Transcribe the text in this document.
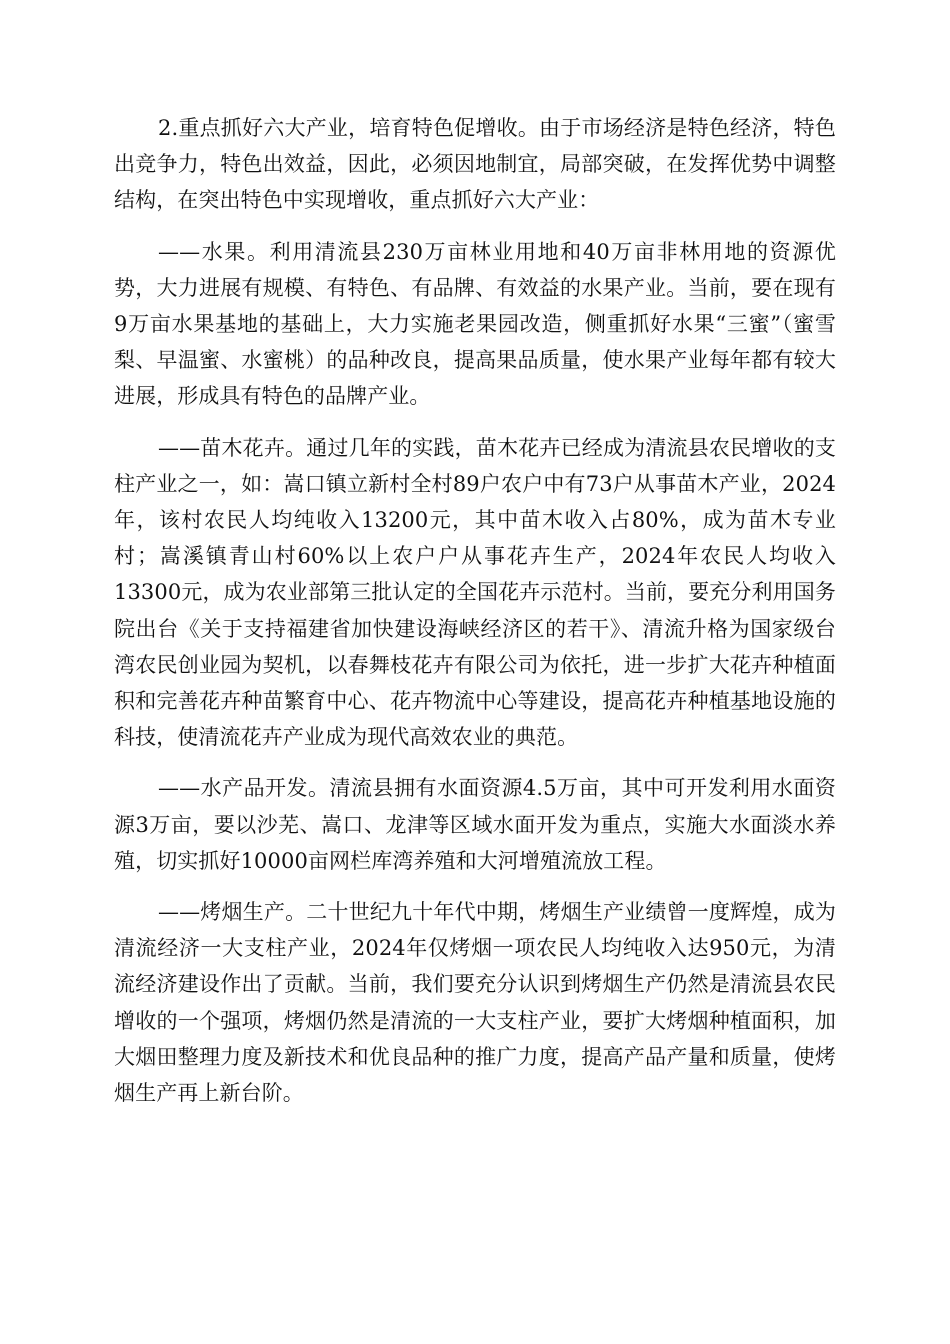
2.重点抓好六大产业，培育特色促增收。由于市场经济是特色经济，特色出竞争力，特色出效益，因此，必须因地制宜，局部突破，在发挥优势中调整结构，在突出特色中实现增收，重点抓好六大产业：

——水果。利用清流县230万亩林业用地和40万亩非林用地的资源优势，大力进展有规模、有特色、有品牌、有效益的水果产业。当前，要在现有9万亩水果基地的基础上，大力实施老果园改造，侧重抓好水果“三蜜”（蜜雪梨、早温蜜、水蜜桃）的品种改良，提高果品质量，使水果产业每年都有较大进展，形成具有特色的品牌产业。

——苗木花卉。通过几年的实践，苗木花卉已经成为清流县农民增收的支柱产业之一，如：嵩口镇立新村全村89户农户中有73户从事苗木产业，2024年，该村农民人均纯收入13200元，其中苗木收入占80%，成为苗木专业村；嵩溪镇青山村60%以上农户户从事花卉生产，2024年农民人均收入13300元，成为农业部第三批认定的全国花卉示范村。当前，要充分利用国务院出台《关于支持福建省加快建设海峡经济区的若干》、清流升格为国家级台湾农民创业园为契机，以春舞枝花卉有限公司为依托，进一步扩大花卉种植面积和完善花卉种苗繁育中心、花卉物流中心等建设，提高花卉种植基地设施的科技，使清流花卉产业成为现代高效农业的典范。

——水产品开发。清流县拥有水面资源4.5万亩，其中可开发利用水面资源3万亩，要以沙芜、嵩口、龙津等区域水面开发为重点，实施大水面淡水养殖，切实抓好10000亩网栏库湾养殖和大河增殖流放工程。

——烤烟生产。二十世纪九十年代中期，烤烟生产业绩曾一度辉煌，成为清流经济一大支柱产业，2024年仅烤烟一项农民人均纯收入达950元，为清流经济建设作出了贡献。当前，我们要充分认识到烤烟生产仍然是清流县农民增收的一个强项，烤烟仍然是清流的一大支柱产业，要扩大烤烟种植面积，加大烟田整理力度及新技术和优良品种的推广力度，提高产品产量和质量，使烤烟生产再上新台阶。
